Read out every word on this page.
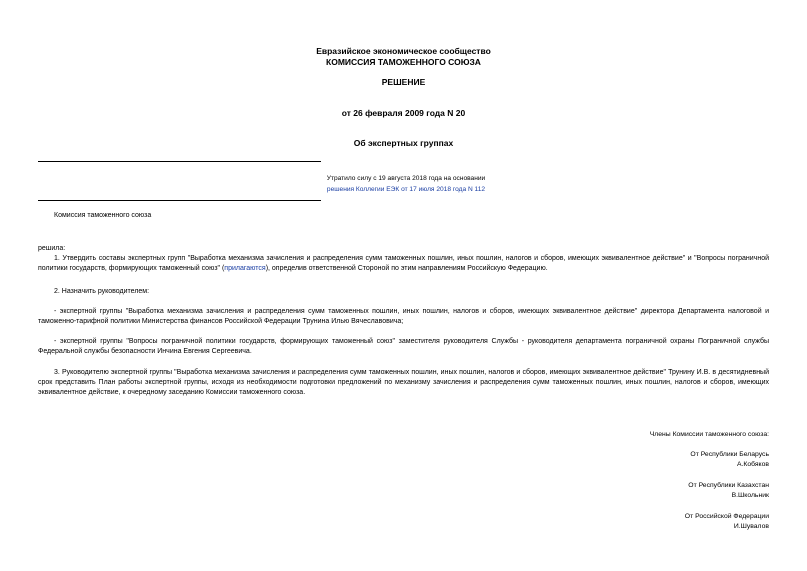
Евразийское экономическое сообщество
КОМИССИЯ ТАМОЖЕННОГО СОЮЗА
РЕШЕНИЕ
от 26 февраля 2009 года N 20
Об экспертных группах
Утратило силу с 19 августа 2018 года на основании
решения Коллегии ЕЭК от 17 июля 2018 года N 112
Комиссия таможенного союза
решила:
1. Утвердить составы экспертных групп "Выработка механизма зачисления и распределения сумм таможенных пошлин, иных пошлин, налогов и сборов, имеющих эквивалентное действие" и "Вопросы пограничной политики государств, формирующих таможенный союз" (прилагаются), определив ответственной Стороной по этим направлениям Российскую Федерацию.
2. Назначить руководителем:
- экспертной группы "Выработка механизма зачисления и распределения сумм таможенных пошлин, иных пошлин, налогов и сборов, имеющих эквивалентное действие" директора Департамента налоговой и таможенно-тарифной политики Министерства финансов Российской Федерации Трунина Илью Вячеславовича;
- экспертной группы "Вопросы пограничной политики государств, формирующих таможенный союз" заместителя руководителя Службы - руководителя департамента пограничной охраны Пограничной службы Федеральной службы безопасности Инчина Евгения Сергеевича.
3. Руководителю экспертной группы "Выработка механизма зачисления и распределения сумм таможенных пошлин, иных пошлин, налогов и сборов, имеющих эквивалентное действие" Трунину И.В. в десятидневный срок представить План работы экспертной группы, исходя из необходимости подготовки предложений по механизму зачисления и распределения сумм таможенных пошлин, иных пошлин, налогов и сборов, имеющих эквивалентное действие, к очередному заседанию Комиссии таможенного союза.
Члены Комиссии таможенного союза:
От Республики Беларусь
А.Кобяков
От Республики Казахстан
В.Школьник
От Российской Федерации
И.Шувалов
